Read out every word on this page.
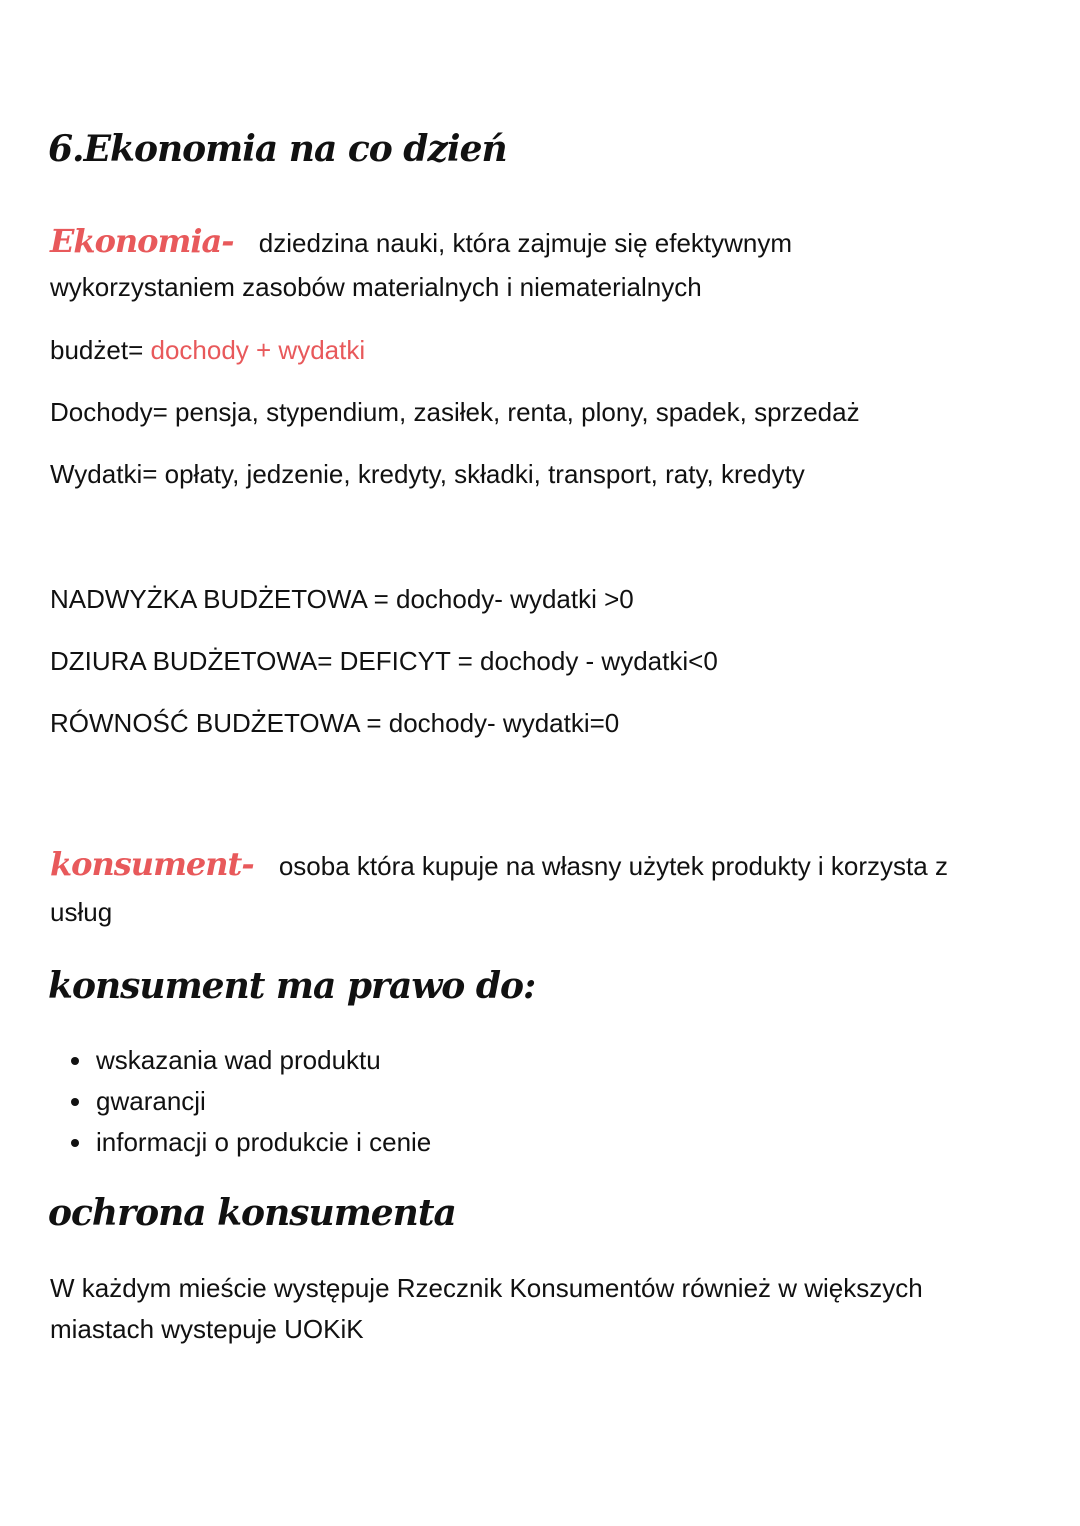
6.Ekonomia na co dzień
Ekonomia- dziedzina nauki, która zajmuje się efektywnym
wykorzystaniem zasobów materialnych i niematerialnych
budżet= dochody + wydatki
Dochody= pensja, stypendium, zasiłek, renta, plony, spadek, sprzedaż
Wydatki= opłaty, jedzenie, kredyty, składki, transport, raty, kredyty
NADWYŻKA BUDŻETOWA = dochody- wydatki >0
DZIURA BUDŻETOWA= DEFICYT = dochody - wydatki<0
RÓWNOŚĆ BUDŻETOWA = dochody- wydatki=0
konsument- osoba która kupuje na własny użytek produkty i korzysta z
usług
konsument ma prawo do:
• wskazania wad produktu
• gwarancji
• informacji o produkcie i cenie
ochrona konsumenta
W każdym mieście występuje Rzecznik Konsumentów również w większych
miastach wystepuje UOKiK
